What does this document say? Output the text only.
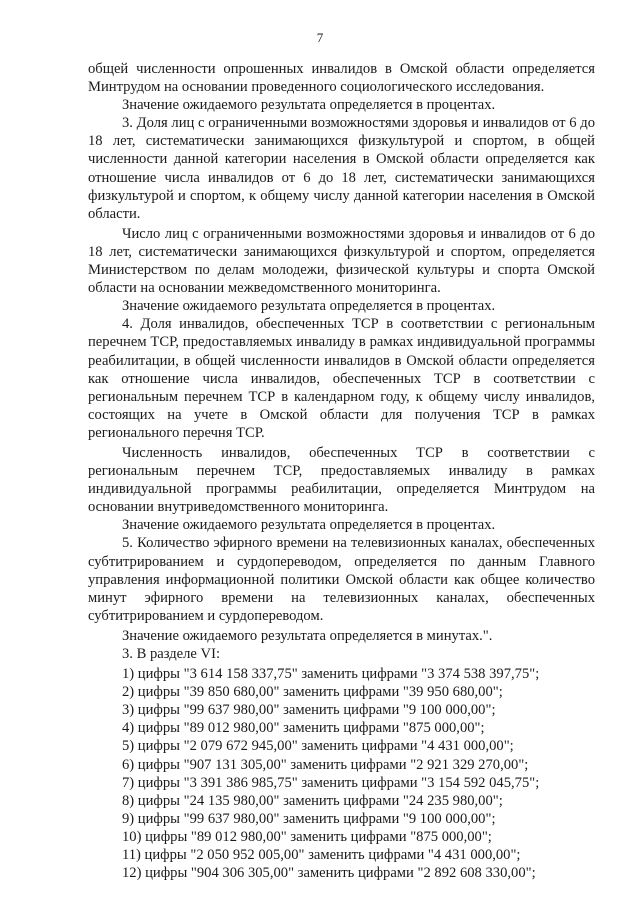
7

общей численности опрошенных инвалидов в Омской области определяется Минтрудом на основании проведенного социологического исследования.

Значение ожидаемого результата определяется в процентах.

3. Доля лиц с ограниченными возможностями здоровья и инвалидов от 6 до 18 лет, систематически занимающихся физкультурой и спортом, в общей численности данной категории населения в Омской области определяется как отношение числа инвалидов от 6 до 18 лет, систематически занимающихся физкультурой и спортом, к общему числу данной категории населения в Омской области.

Число лиц с ограниченными возможностями здоровья и инвалидов от 6 до 18 лет, систематически занимающихся физкультурой и спортом, определяется Министерством по делам молодежи, физической культуры и спорта Омской области на основании межведомственного мониторинга.

Значение ожидаемого результата определяется в процентах.

4. Доля инвалидов, обеспеченных ТСР в соответствии с региональным перечнем ТСР, предоставляемых инвалиду в рамках индивидуальной программы реабилитации, в общей численности инвалидов в Омской области определяется как отношение числа инвалидов, обеспеченных ТСР в соответствии с региональным перечнем ТСР в календарном году, к общему числу инвалидов, состоящих на учете в Омской области для получения ТСР в рамках регионального перечня ТСР.

Численность инвалидов, обеспеченных ТСР в соответствии с региональным перечнем ТСР, предоставляемых инвалиду в рамках индивидуальной программы реабилитации, определяется Минтрудом на основании внутриведомственного мониторинга.

Значение ожидаемого результата определяется в процентах.

5. Количество эфирного времени на телевизионных каналах, обеспеченных субтитрированием и сурдопереводом, определяется по данным Главного управления информационной политики Омской области как общее количество минут эфирного времени на телевизионных каналах, обеспеченных субтитрированием и сурдопереводом.

Значение ожидаемого результата определяется в минутах.".

3. В разделе VI:

1) цифры "3 614 158 337,75" заменить цифрами "3 374 538 397,75";

2) цифры "39 850 680,00" заменить цифрами "39 950 680,00";

3) цифры "99 637 980,00" заменить цифрами "9 100 000,00";

4) цифры "89 012 980,00" заменить цифрами "875 000,00";

5) цифры "2 079 672 945,00" заменить цифрами "4 431 000,00";

6) цифры "907 131 305,00" заменить цифрами "2 921 329 270,00";

7) цифры "3 391 386 985,75" заменить цифрами "3 154 592 045,75";

8) цифры "24 135 980,00" заменить цифрами "24 235 980,00";

9) цифры "99 637 980,00" заменить цифрами "9 100 000,00";

10) цифры "89 012 980,00" заменить цифрами "875 000,00";

11) цифры "2 050 952 005,00" заменить цифрами "4 431 000,00";

12) цифры "904 306 305,00" заменить цифрами "2 892 608 330,00";
